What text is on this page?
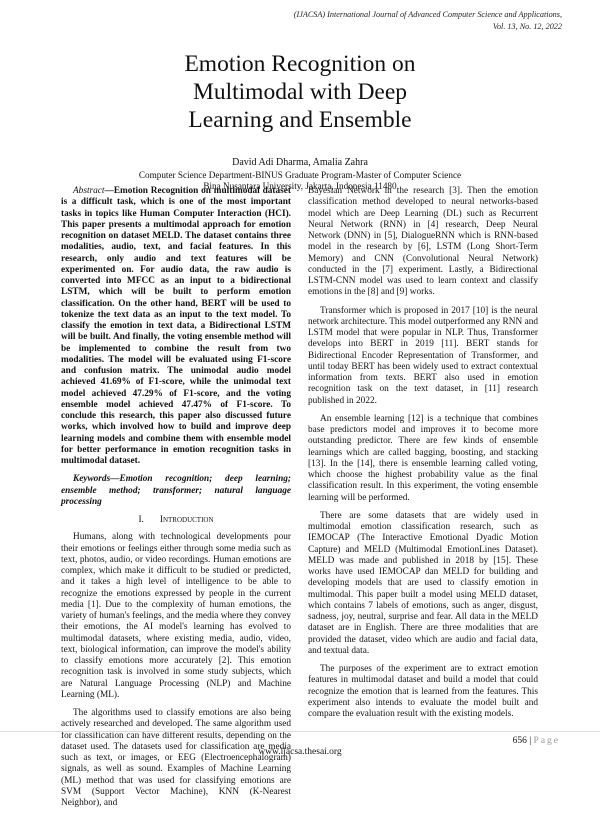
(IJACSA) International Journal of Advanced Computer Science and Applications,
Vol. 13, No. 12, 2022
Emotion Recognition on Multimodal with Deep Learning and Ensemble
David Adi Dharma, Amalia Zahra
Computer Science Department-BINUS Graduate Program-Master of Computer Science
Bina Nusantara University, Jakarta, Indonesia 11480

Abstract—Emotion Recognition on multimodal dataset is a difficult task, which is one of the most important tasks in topics like Human Computer Interaction (HCI). This paper presents a multimodal approach for emotion recognition on dataset MELD. The dataset contains three modalities, audio, text, and facial features. In this research, only audio and text features will be experimented on. For audio data, the raw audio is converted into MFCC as an input to a bidirectional LSTM, which will be built to perform emotion classification. On the other hand, BERT will be used to tokenize the text data as an input to the text model. To classify the emotion in text data, a Bidirectional LSTM will be built. And finally, the voting ensemble method will be implemented to combine the result from two modalities. The model will be evaluated using F1-score and confusion matrix. The unimodal audio model achieved 41.69% of F1-score, while the unimodal text model achieved 47.29% of F1-score, and the voting ensemble model achieved 47.47% of F1-score. To conclude this research, this paper also discussed future works, which involved how to build and improve deep learning models and combine them with ensemble model for better performance in emotion recognition tasks in multimodal dataset.

Keywords—Emotion recognition; deep learning; ensemble method; transformer; natural language processing

I. Introduction

Humans, along with technological developments pour their emotions or feelings either through some media such as text, photos, audio, or video recordings. Human emotions are complex, which make it difficult to be studied or predicted, and it takes a high level of intelligence to be able to recognize the emotions expressed by people in the current media [1]. Due to the complexity of human emotions, the variety of human's feelings, and the media where they convey their emotions, the AI model's learning has evolved to multimodal datasets, where existing media, audio, video, text, biological information, can improve the model's ability to classify emotions more accurately [2]. This emotion recognition task is involved in some study subjects, which are Natural Language Processing (NLP) and Machine Learning (ML).

The algorithms used to classify emotions are also being actively researched and developed. The same algorithm used for classification can have different results, depending on the dataset used. The datasets used for classification are media such as text, or images, or EEG (Electroencephalogram) signals, as well as sound. Examples of Machine Learning (ML) method that was used for classifying emotions are SVM (Support Vector Machine), KNN (K-Nearest Neighbor), and

Bayesian Network in the research [3]. Then the emotion classification method developed to neural networks-based model which are Deep Learning (DL) such as Recurrent Neural Network (RNN) in [4] research, Deep Neural Network (DNN) in [5], DialogueRNN which is RNN-based model in the research by [6], LSTM (Long Short-Term Memory) and CNN (Convolutional Neural Network) conducted in the [7] experiment. Lastly, a Bidirectional LSTM-CNN model was used to learn context and classify emotions in the [8] and [9] works.

Transformer which is proposed in 2017 [10] is the neural network architecture. This model outperformed any RNN and LSTM model that were popular in NLP. Thus, Transformer develops into BERT in 2019 [11]. BERT stands for Bidirectional Encoder Representation of Transformer, and until today BERT has been widely used to extract contextual information from texts. BERT also used in emotion recognition task on the text dataset, in [11] research published in 2022.

An ensemble learning [12] is a technique that combines base predictors model and improves it to become more outstanding predictor. There are few kinds of ensemble learnings which are called bagging, boosting, and stacking [13]. In the [14], there is ensemble learning called voting, which choose the highest probability value as the final classification result. In this experiment, the voting ensemble learning will be performed.

There are some datasets that are widely used in multimodal emotion classification research, such as IEMOCAP (The Interactive Emotional Dyadic Motion Capture) and MELD (Multimodal EmotionLines Dataset). MELD was made and published in 2018 by [15]. These works have used IEMOCAP dan MELD for building and developing models that are used to classify emotion in multimodal. This paper built a model using MELD dataset, which contains 7 labels of emotions, such as anger, disgust, sadness, joy, neutral, surprise and fear. All data in the MELD dataset are in English. There are three modalities that are provided the dataset, video which are audio and facial data, and textual data.

The purposes of the experiment are to extract emotion features in multimodal dataset and build a model that could recognize the emotion that is learned from the features. This experiment also intends to evaluate the model built and compare the evaluation result with the existing models.

656 | Page
www.ijacsa.thesai.org
